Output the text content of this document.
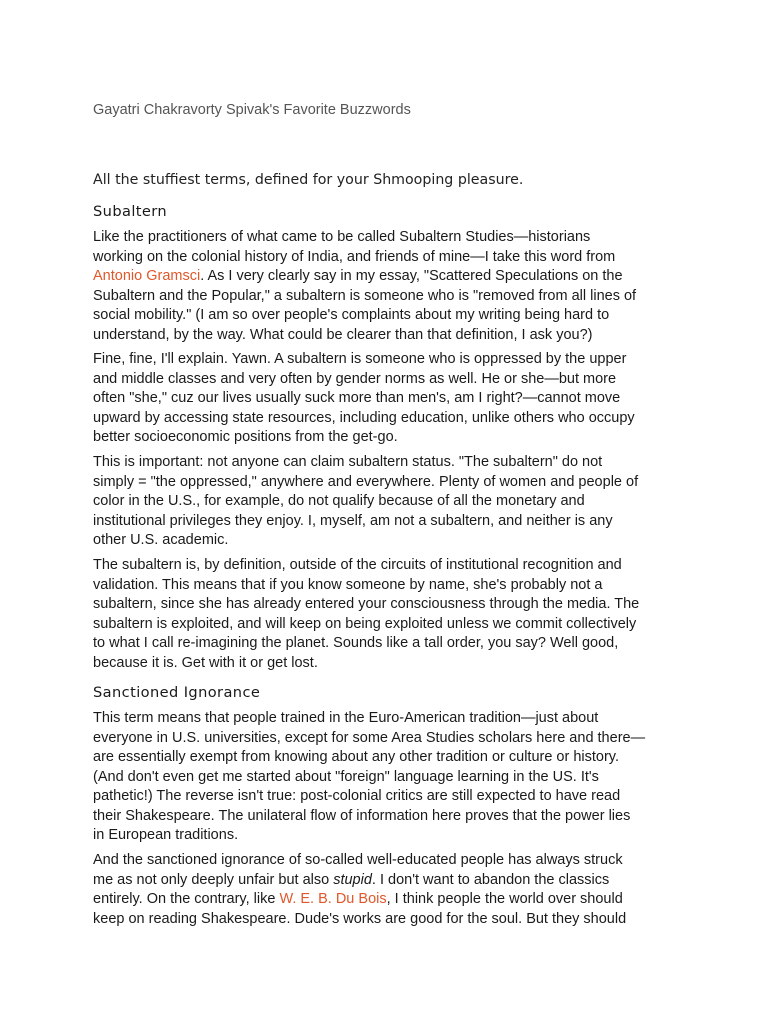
Gayatri Chakravorty Spivak's Favorite Buzzwords

All the stuffiest terms, defined for your Shmooping pleasure.

Subaltern
Like the practitioners of what came to be called Subaltern Studies—historians
working on the colonial history of India, and friends of mine—I take this word from
Antonio Gramsci. As I very clearly say in my essay, "Scattered Speculations on the
Subaltern and the Popular," a subaltern is someone who is "removed from all lines of
social mobility." (I am so over people's complaints about my writing being hard to
understand, by the way. What could be clearer than that definition, I ask you?)
Fine, fine, I'll explain. Yawn. A subaltern is someone who is oppressed by the upper
and middle classes and very often by gender norms as well. He or she—but more
often "she," cuz our lives usually suck more than men's, am I right?—cannot move
upward by accessing state resources, including education, unlike others who occupy
better socioeconomic positions from the get-go.
This is important: not anyone can claim subaltern status. "The subaltern" do not
simply = "the oppressed," anywhere and everywhere. Plenty of women and people of
color in the U.S., for example, do not qualify because of all the monetary and
institutional privileges they enjoy. I, myself, am not a subaltern, and neither is any
other U.S. academic.
The subaltern is, by definition, outside of the circuits of institutional recognition and
validation. This means that if you know someone by name, she's probably not a
subaltern, since she has already entered your consciousness through the media. The
subaltern is exploited, and will keep on being exploited unless we commit collectively
to what I call re-imagining the planet. Sounds like a tall order, you say? Well good,
because it is. Get with it or get lost.
Sanctioned Ignorance
This term means that people trained in the Euro-American tradition—just about
everyone in U.S. universities, except for some Area Studies scholars here and there—
are essentially exempt from knowing about any other tradition or culture or history.
(And don't even get me started about "foreign" language learning in the US. It's
pathetic!) The reverse isn't true: post-colonial critics are still expected to have read
their Shakespeare. The unilateral flow of information here proves that the power lies
in European traditions.
And the sanctioned ignorance of so-called well-educated people has always struck
me as not only deeply unfair but also stupid. I don't want to abandon the classics
entirely. On the contrary, like W. E. B. Du Bois, I think people the world over should
keep on reading Shakespeare. Dude's works are good for the soul. But they should
